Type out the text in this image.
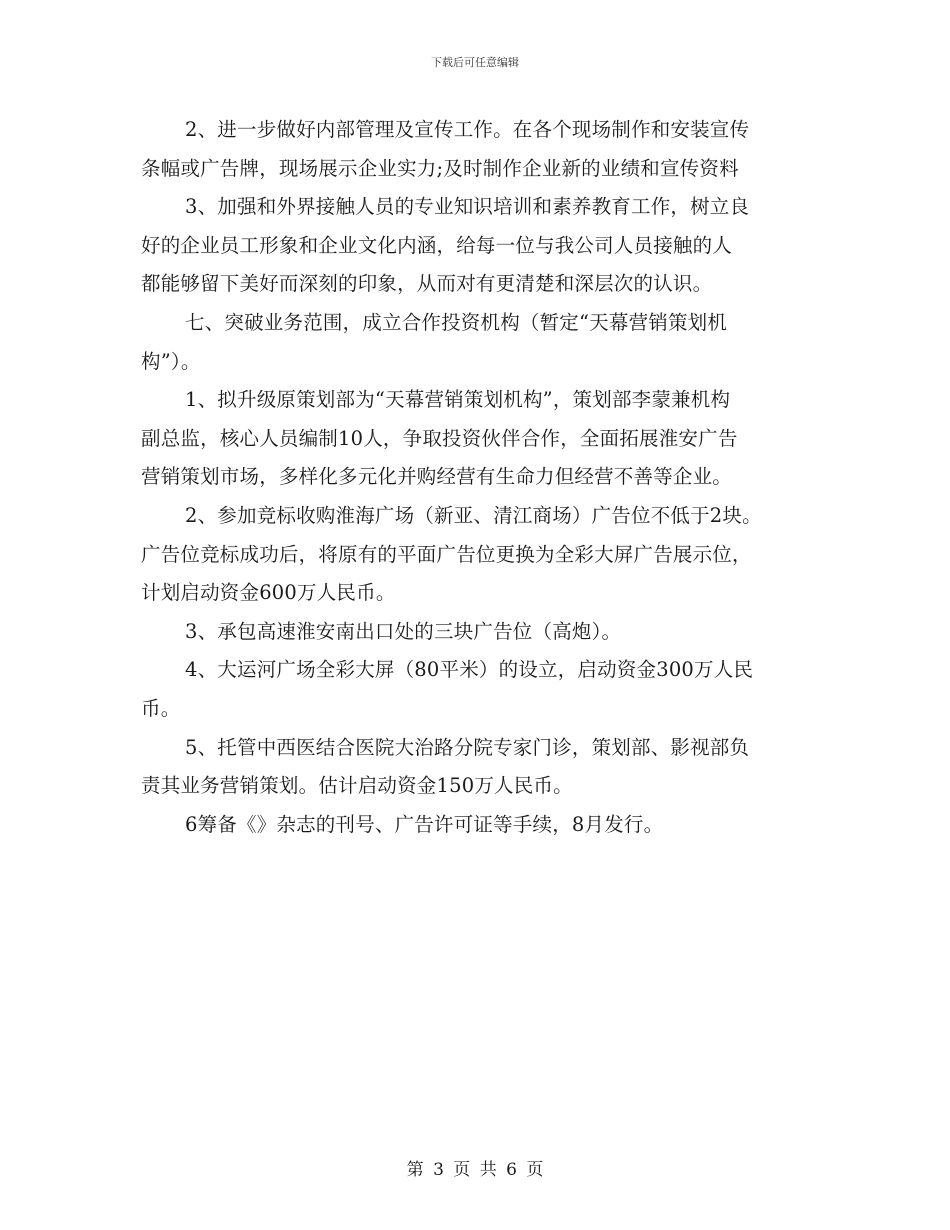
下载后可任意编辑
2、进一步做好内部管理及宣传工作。在各个现场制作和安装宣传
条幅或广告牌，现场展示企业实力;及时制作企业新的业绩和宣传资料
3、加强和外界接触人员的专业知识培训和素养教育工作，树立良
好的企业员工形象和企业文化内涵，给每一位与我公司人员接触的人
都能够留下美好而深刻的印象，从而对有更清楚和深层次的认识。
七、突破业务范围，成立合作投资机构（暂定“天幕营销策划机
构”）。
1、拟升级原策划部为“天幕营销策划机构”，策划部李蒙兼机构
副总监，核心人员编制10人，争取投资伙伴合作，全面拓展淮安广告
营销策划市场，多样化多元化并购经营有生命力但经营不善等企业。
2、参加竞标收购淮海广场（新亚、清江商场）广告位不低于2块。
广告位竞标成功后，将原有的平面广告位更换为全彩大屏广告展示位，
计划启动资金600万人民币。
3、承包高速淮安南出口处的三块广告位（高炮）。
4、大运河广场全彩大屏（80平米）的设立，启动资金300万人民
币。
5、托管中西医结合医院大治路分院专家门诊，策划部、影视部负
责其业务营销策划。估计启动资金150万人民币。
6筹备《》杂志的刊号、广告许可证等手续，8月发行。
第 3 页 共 6 页
